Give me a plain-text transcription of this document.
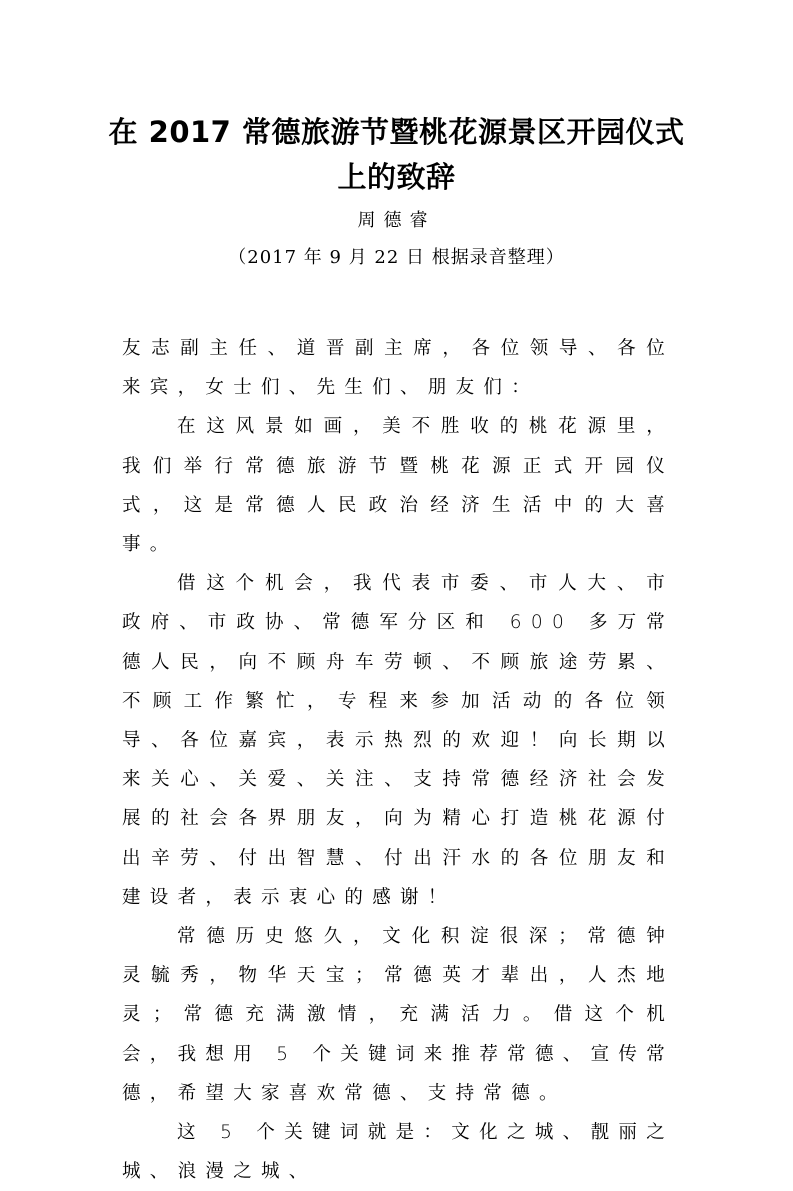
在 2017 常德旅游节暨桃花源景区开园仪式
上的致辞
周德睿
（2017 年 9 月 22 日 根据录音整理）

友志副主任、道晋副主席，各位领导、各位来宾，女士们、先生们、朋友们：

在这风景如画，美不胜收的桃花源里，我们举行常德旅游节暨桃花源正式开园仪式，这是常德人民政治经济生活中的大喜事。

借这个机会，我代表市委、市人大、市政府、市政协、常德军分区和 600 多万常德人民，向不顾舟车劳顿、不顾旅途劳累、不顾工作繁忙，专程来参加活动的各位领导、各位嘉宾，表示热烈的欢迎！向长期以来关心、关爱、关注、支持常德经济社会发展的社会各界朋友，向为精心打造桃花源付出辛劳、付出智慧、付出汗水的各位朋友和建设者，表示衷心的感谢！

常德历史悠久，文化积淀很深；常德钟灵毓秀，物华天宝；常德英才辈出，人杰地灵；常德充满激情，充满活力。借这个机会，我想用 5 个关键词来推荐常德、宣传常德，希望大家喜欢常德、支持常德。

这 5 个关键词就是：文化之城、靓丽之城、浪漫之城、
